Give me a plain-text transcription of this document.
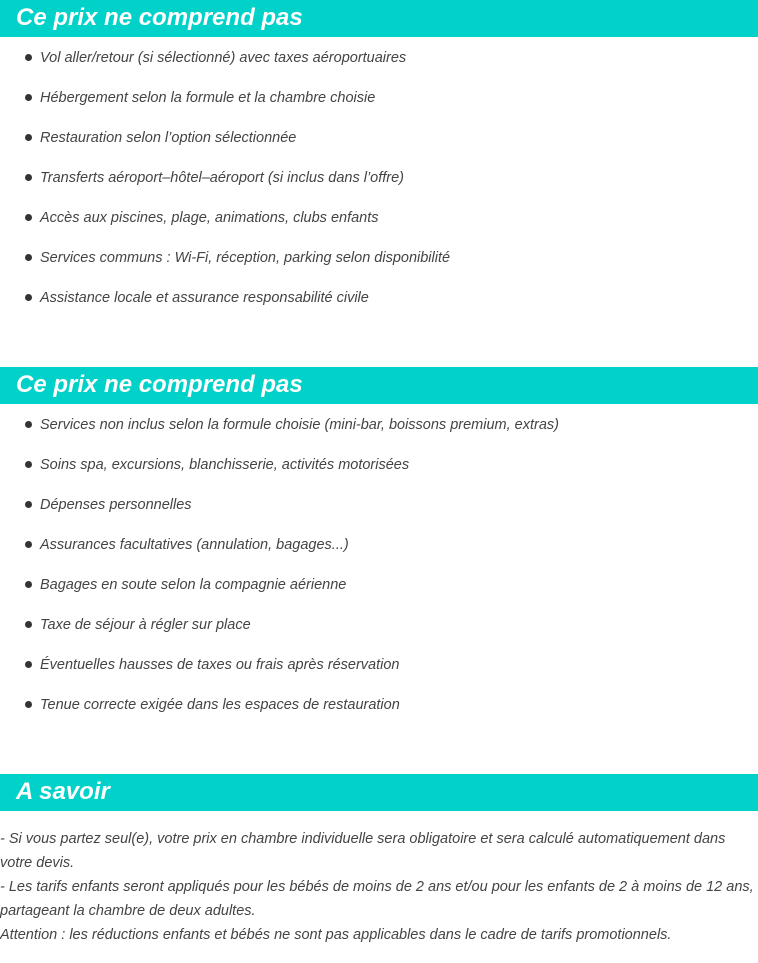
Ce prix ne comprend pas
Vol aller/retour (si sélectionné) avec taxes aéroportuaires
Hébergement selon la formule et la chambre choisie
Restauration selon l’option sélectionnée
Transferts aéroport–hôtel–aéroport (si inclus dans l’offre)
Accès aux piscines, plage, animations, clubs enfants
Services communs : Wi-Fi, réception, parking selon disponibilité
Assistance locale et assurance responsabilité civile
Ce prix ne comprend pas
Services non inclus selon la formule choisie (mini-bar, boissons premium, extras)
Soins spa, excursions, blanchisserie, activités motorisées
Dépenses personnelles
Assurances facultatives (annulation, bagages...)
Bagages en soute selon la compagnie aérienne
Taxe de séjour à régler sur place
Éventuelles hausses de taxes ou frais après réservation
Tenue correcte exigée dans les espaces de restauration
A savoir

- Si vous partez seul(e), votre prix en chambre individuelle sera obligatoire et sera calculé automatiquement dans votre devis.

- Les tarifs enfants seront appliqués pour les bébés de moins de 2 ans et/ou pour les enfants de 2 à moins de 12 ans, partageant la chambre de deux adultes.

Attention : les réductions enfants et bébés ne sont pas applicables dans le cadre de tarifs promotionnels.
